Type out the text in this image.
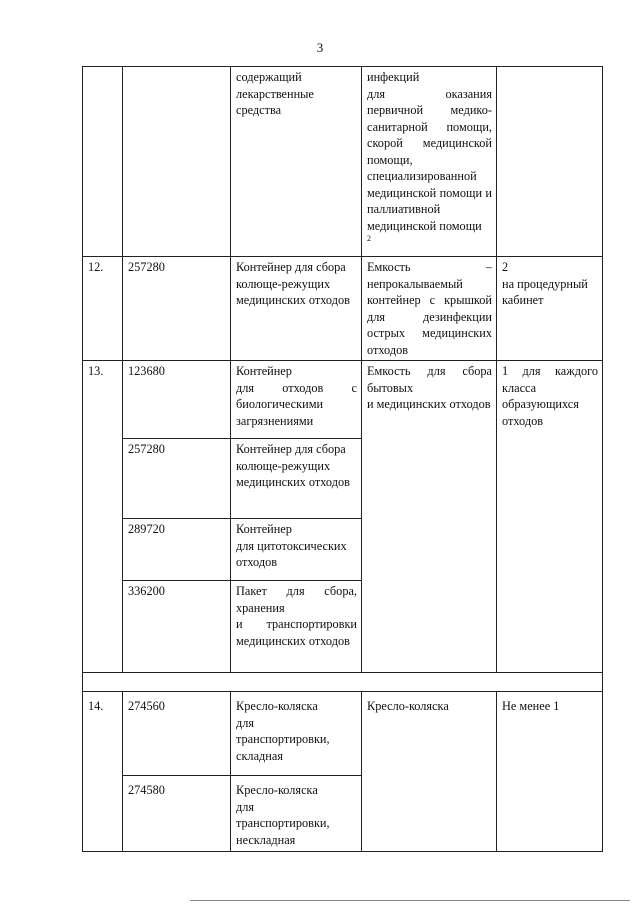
3

		содержащий
лекарственные
средства	инфекций
для оказания первичной медико-санитарной помощи, скорой медицинской помощи, специализированной медицинской помощи и паллиативной медицинской помощи
$^2$	

12.	257280	Контейнер для сбора колюще-режущих медицинских отходов	Емкость – непрокалываемый контейнер с крышкой для дезинфекции острых медицинских отходов	2
на процедурный кабинет

13.	123680	Контейнер
для отходов с биологическими загрязнениями	Емкость для сбора бытовых
и медицинских отходов	1 для каждого класса образующихся отходов

	257280	Контейнер для сбора колюще-режущих медицинских отходов		

	289720	Контейнер
для цитотоксических отходов		

	336200	Пакет для сбора, хранения
и транспортировки медицинских отходов		

14.	274560	Кресло-коляска
для
транспортировки,
складная	Кресло-коляска	Не менее 1

	274580	Кресло-коляска
для
транспортировки,
нескладная		
